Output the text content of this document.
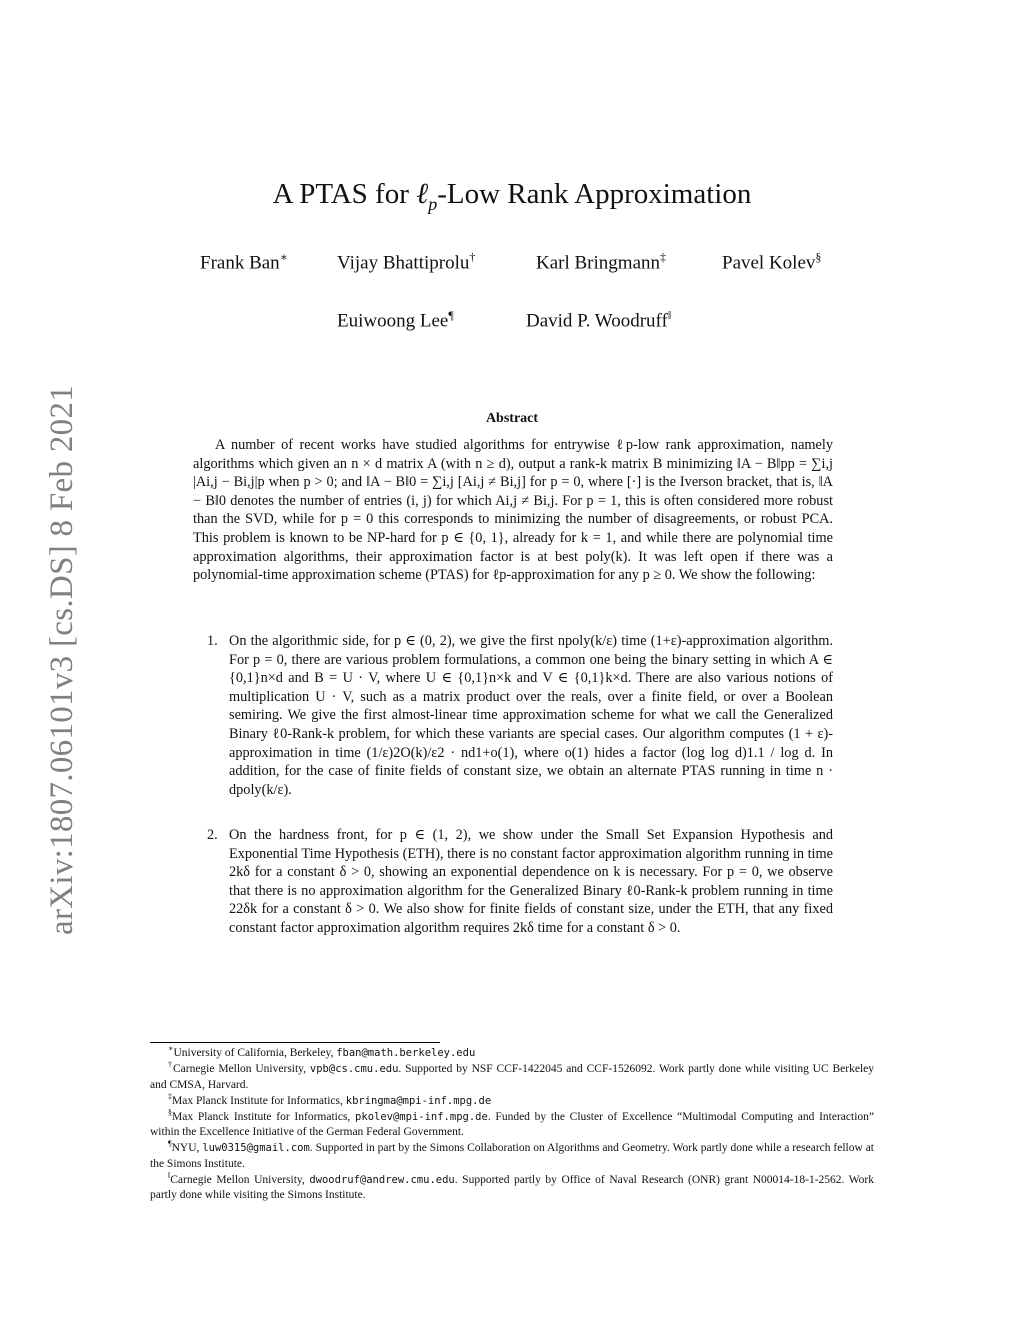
arXiv:1807.06101v3 [cs.DS] 8 Feb 2021
A PTAS for ℓ$_p$-Low Rank Approximation
Frank Ban∗	Vijay Bhattiprolu†	Karl Bringmann‡	Pavel Kolev§
Euiwoong Lee¶	David P. Woodruff‖
Abstract

A number of recent works have studied algorithms for entrywise ℓp-low rank approximation, namely algorithms which given an n × d matrix A (with n ≥ d), output a rank-k matrix B minimizing ‖A − B‖pp = ∑i,j |Ai,j − Bi,j|p when p > 0; and ‖A − B‖0 = ∑i,j [Ai,j ≠ Bi,j] for p = 0, where [·] is the Iverson bracket, that is, ‖A − B‖0 denotes the number of entries (i, j) for which Ai,j ≠ Bi,j. For p = 1, this is often considered more robust than the SVD, while for p = 0 this corresponds to minimizing the number of disagreements, or robust PCA. This problem is known to be NP-hard for p ∈ {0, 1}, already for k = 1, and while there are polynomial time approximation algorithms, their approximation factor is at best poly(k). It was left open if there was a polynomial-time approximation scheme (PTAS) for ℓp-approximation for any p ≥ 0. We show the following:

1. On the algorithmic side, for p ∈ (0, 2), we give the first npoly(k/ε) time (1+ε)-approximation algorithm. For p = 0, there are various problem formulations, a common one being the binary setting in which A ∈ {0,1}n×d and B = U · V, where U ∈ {0,1}n×k and V ∈ {0,1}k×d. There are also various notions of multiplication U · V, such as a matrix product over the reals, over a finite field, or over a Boolean semiring. We give the first almost-linear time approximation scheme for what we call the Generalized Binary ℓ0-Rank-k problem, for which these variants are special cases. Our algorithm computes (1 + ε)-approximation in time (1/ε)2O(k)/ε2 · nd1+o(1), where o(1) hides a factor (log log d)1.1 / log d. In addition, for the case of finite fields of constant size, we obtain an alternate PTAS running in time n · dpoly(k/ε).
2. On the hardness front, for p ∈ (1, 2), we show under the Small Set Expansion Hypothesis and Exponential Time Hypothesis (ETH), there is no constant factor approximation algorithm running in time 2kδ for a constant δ > 0, showing an exponential dependence on k is necessary. For p = 0, we observe that there is no approximation algorithm for the Generalized Binary ℓ0-Rank-k problem running in time 22δk for a constant δ > 0. We also show for finite fields of constant size, under the ETH, that any fixed constant factor approximation algorithm requires 2kδ time for a constant δ > 0.

∗University of California, Berkeley, fban@math.berkeley.edu

†Carnegie Mellon University, vpb@cs.cmu.edu. Supported by NSF CCF-1422045 and CCF-1526092. Work partly done while visiting UC Berkeley and CMSA, Harvard.

‡Max Planck Institute for Informatics, kbringma@mpi-inf.mpg.de

§Max Planck Institute for Informatics, pkolev@mpi-inf.mpg.de. Funded by the Cluster of Excellence “Multimodal Computing and Interaction” within the Excellence Initiative of the German Federal Government.

¶NYU, luw0315@gmail.com. Supported in part by the Simons Collaboration on Algorithms and Geometry. Work partly done while a research fellow at the Simons Institute.

‖Carnegie Mellon University, dwoodruf@andrew.cmu.edu. Supported partly by Office of Naval Research (ONR) grant N00014-18-1-2562. Work partly done while visiting the Simons Institute.
